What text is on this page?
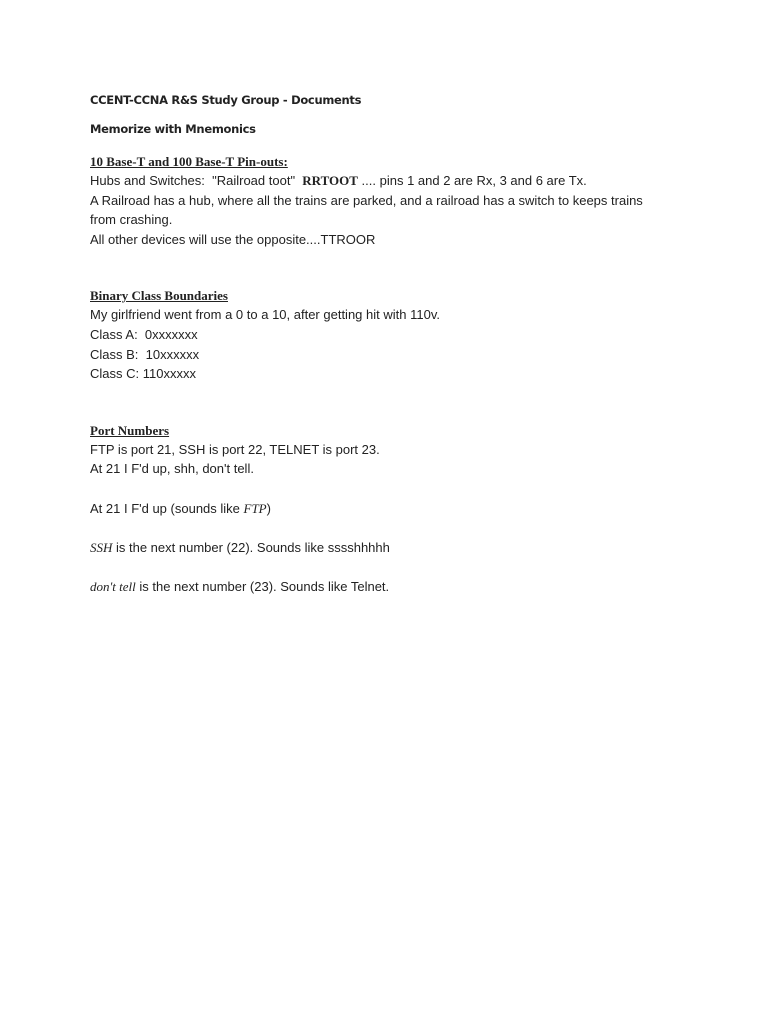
CCENT-CCNA R&S Study Group - Documents

Memorize with Mnemonics

10 Base-T and 100 Base-T Pin-outs:

Hubs and Switches:  "Railroad toot"  RRTOOT .... pins 1 and 2 are Rx, 3 and 6 are Tx.

A Railroad has a hub, where all the trains are parked, and a railroad has a switch to keeps trains

from crashing.

All other devices will use the opposite....TTROOR

Binary Class Boundaries

My girlfriend went from a 0 to a 10, after getting hit with 110v.

Class A:  0xxxxxxx

Class B:  10xxxxxx

Class C: 110xxxxx

Port Numbers

FTP is port 21, SSH is port 22, TELNET is port 23.

At 21 I F'd up, shh, don't tell.

At 21 I F'd up (sounds like FTP)

SSH is the next number (22). Sounds like sssshhhhh

don't tell is the next number (23). Sounds like Telnet.
